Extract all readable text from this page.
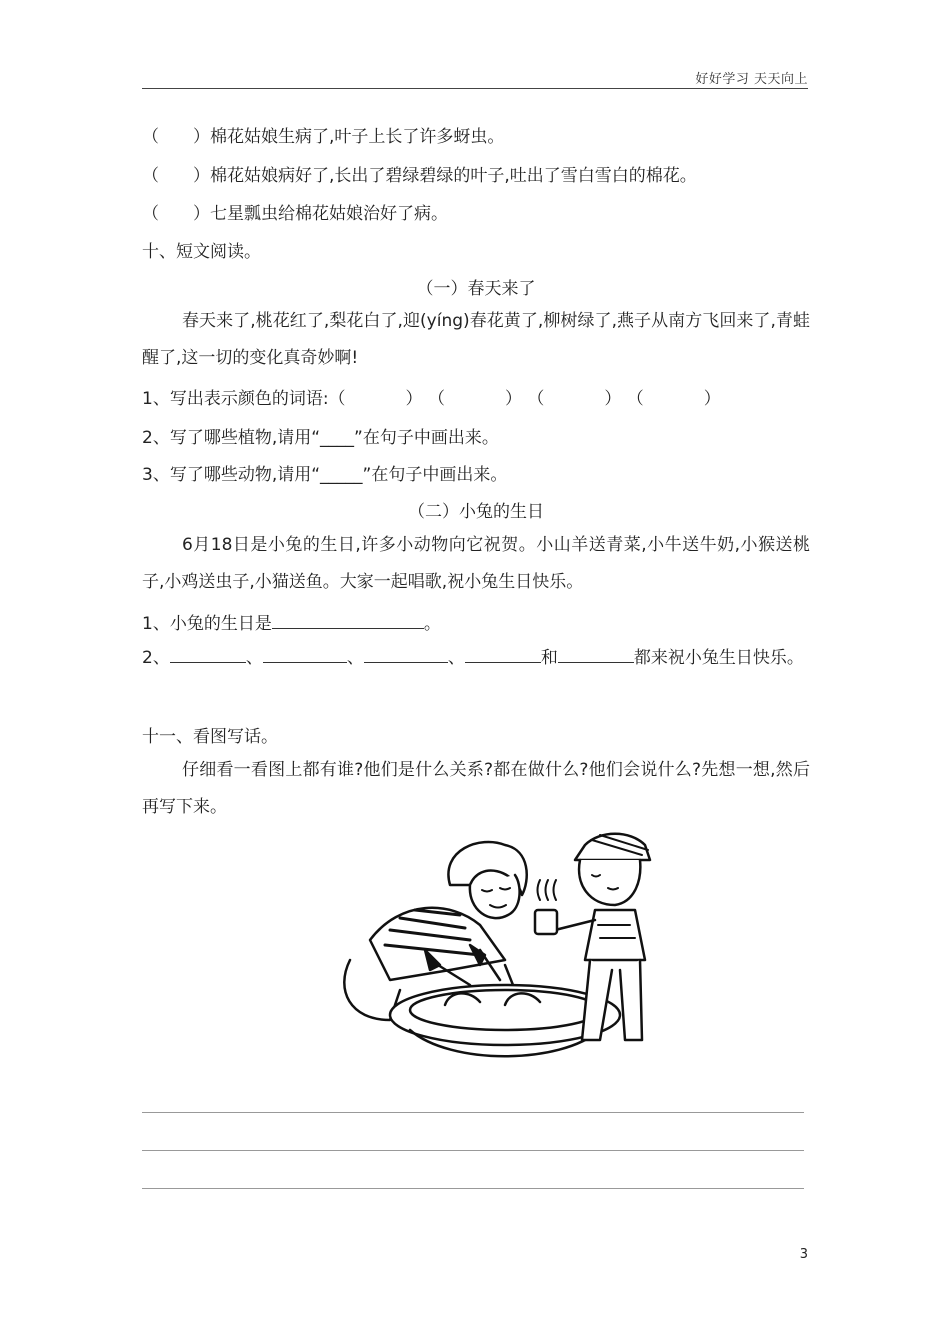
好好学习 天天向上
（　　）棉花姑娘生病了,叶子上长了许多蚜虫。
（　　）棉花姑娘病好了,长出了碧绿碧绿的叶子,吐出了雪白雪白的棉花。
（　　）七星瓢虫给棉花姑娘治好了病。
十、短文阅读。
（一）春天来了
春天来了,桃花红了,梨花白了,迎(yíng)春花黄了,柳树绿了,燕子从南方飞回来了,青蛙醒了,这一切的变化真奇妙啊!
1、写出表示颜色的词语:（	） （	） （	） （	）
2、写了哪些植物,请用“____”在句子中画出来。
3、写了哪些动物,请用“_____”在句子中画出来。
（二）小兔的生日
6月18日是小兔的生日,许多小动物向它祝贺。小山羊送青菜,小牛送牛奶,小猴送桃子,小鸡送虫子,小猫送鱼。大家一起唱歌,祝小兔生日快乐。
1、小兔的生日是	。
2、	、	、	、	和	都来祝小兔生日快乐。
十一、看图写话。
仔细看一看图上都有谁?他们是什么关系?都在做什么?他们会说什么?先想一想,然后再写下来。
3
